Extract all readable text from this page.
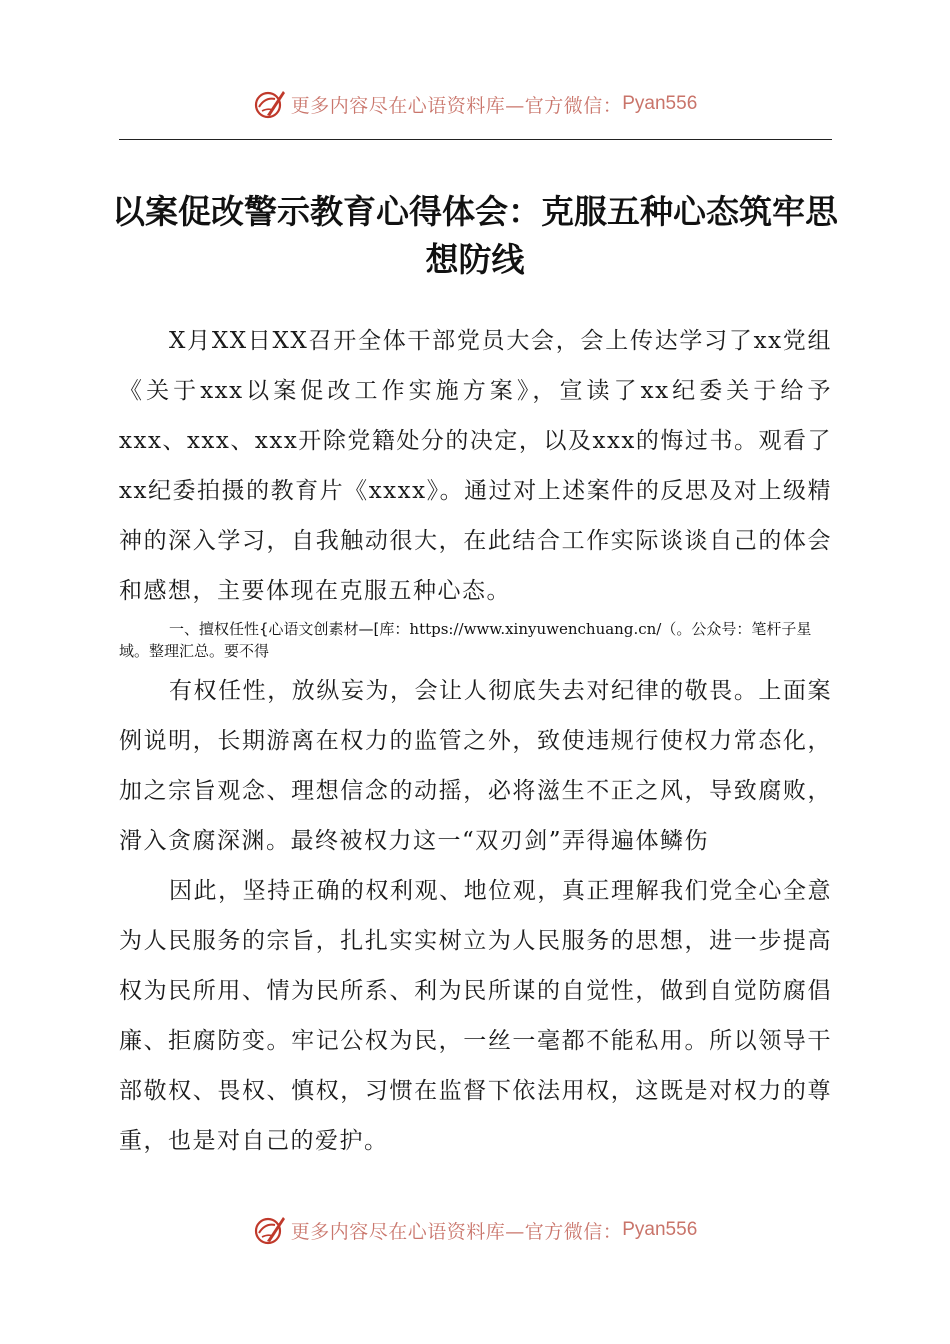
更多内容尽在心语资料库—官方微信： Pyan556
以案促改警示教育心得体会：克服五种心态筑牢思想防线

X月XX日XX召开全体干部党员大会，会上传达学习了xx党组《关于xxx以案促改工作实施方案》，宣读了xx纪委关于给予xxx、xxx、xxx开除党籍处分的决定，以及xxx的悔过书。观看了xx纪委拍摄的教育片《xxxx》。通过对上述案件的反思及对上级精神的深入学习，自我触动很大，在此结合工作实际谈谈自己的体会和感想，主要体现在克服五种心态。

一、擅权任性{心语文创素材—[库：https://www.xinyuwenchuang.cn/（。公众号：笔杆子星域。整理汇总。要不得

有权任性，放纵妄为，会让人彻底失去对纪律的敬畏。上面案例说明，长期游离在权力的监管之外，致使违规行使权力常态化，加之宗旨观念、理想信念的动摇，必将滋生不正之风，导致腐败，滑入贪腐深渊。最终被权力这一“双刃剑”弄得遍体鳞伤

因此，坚持正确的权利观、地位观，真正理解我们党全心全意为人民服务的宗旨，扎扎实实树立为人民服务的思想，进一步提高权为民所用、情为民所系、利为民所谋的自觉性，做到自觉防腐倡廉、拒腐防变。牢记公权为民，一丝一毫都不能私用。所以领导干部敬权、畏权、慎权，习惯在监督下依法用权，这既是对权力的尊重，也是对自己的爱护。

更多内容尽在心语资料库—官方微信： Pyan556
